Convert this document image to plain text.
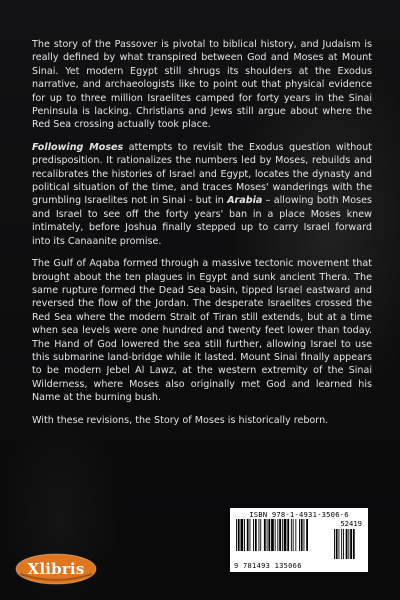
The story of the Passover is pivotal to biblical history, and Judaism is really defined by what transpired between God and Moses at Mount Sinai. Yet modern Egypt still shrugs its shoulders at the Exodus narrative, and archaeologists like to point out that physical evidence for up to three million Israelites camped for forty years in the Sinai Peninsula is lacking. Christians and Jews still argue about where the Red Sea crossing actually took place.

Following Moses attempts to revisit the Exodus question without predisposition. It rationalizes the numbers led by Moses, rebuilds and recalibrates the histories of Israel and Egypt, locates the dynasty and political situation of the time, and traces Moses' wanderings with the grumbling Israelites not in Sinai - but in Arabia – allowing both Moses and Israel to see off the forty years' ban in a place Moses knew intimately, before Joshua finally stepped up to carry Israel forward into its Canaanite promise.

The Gulf of Aqaba formed through a massive tectonic movement that brought about the ten plagues in Egypt and sunk ancient Thera. The same rupture formed the Dead Sea basin, tipped Israel eastward and reversed the flow of the Jordan. The desperate Israelites crossed the Red Sea where the modern Strait of Tiran still extends, but at a time when sea levels were one hundred and twenty feet lower than today. The Hand of God lowered the sea still further, allowing Israel to use this submarine land-bridge while it lasted. Mount Sinai finally appears to be modern Jebel Al Lawz, at the western extremity of the Sinai Wilderness, where Moses also originally met God and learned his Name at the burning bush.

With these revisions, the Story of Moses is historically reborn.

Xlibris
ISBN 978-1-4931-3506-6
52419
9 781493 135066
